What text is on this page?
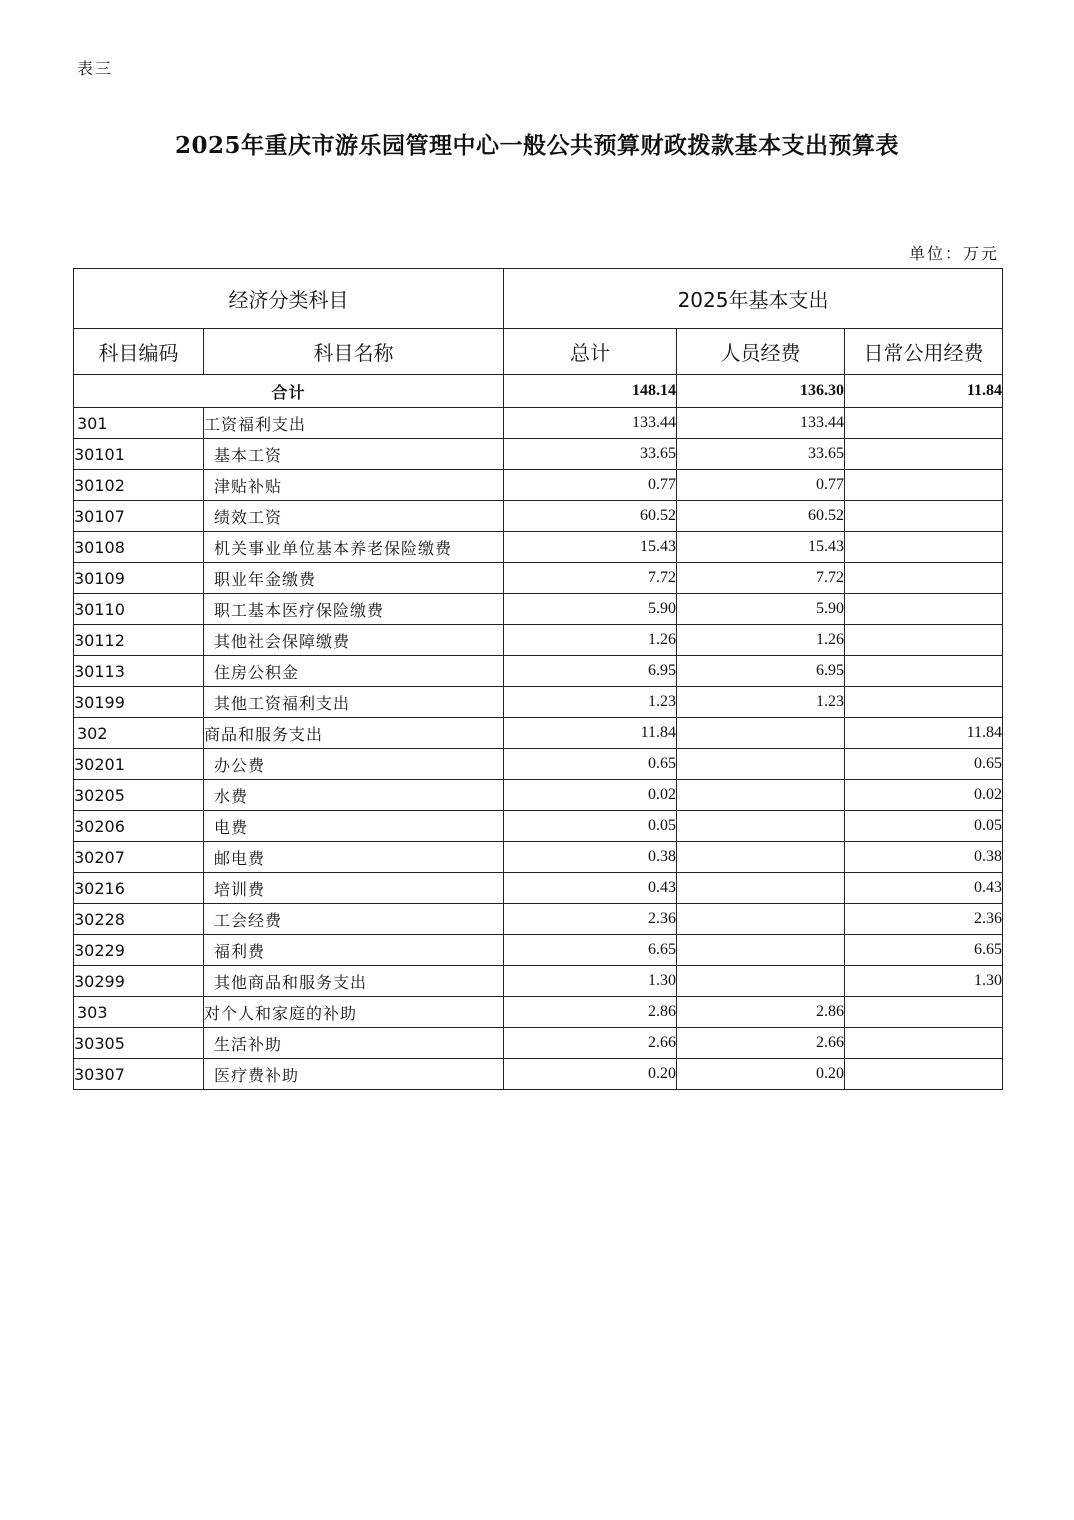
表三
2025年重庆市游乐园管理中心一般公共预算财政拨款基本支出预算表
单位：万元
经济分类科目		2025年基本支出		
科目编码	科目名称	总计	人员经费	日常公用经费
合计		148.14	136.30	11.84
301	工资福利支出	133.44	133.44	
30101	基本工资	33.65	33.65	
30102	津贴补贴	0.77	0.77	
30107	绩效工资	60.52	60.52	
30108	机关事业单位基本养老保险缴费	15.43	15.43	
30109	职业年金缴费	7.72	7.72	
30110	职工基本医疗保险缴费	5.90	5.90	
30112	其他社会保障缴费	1.26	1.26	
30113	住房公积金	6.95	6.95	
30199	其他工资福利支出	1.23	1.23	
302	商品和服务支出	11.84		11.84
30201	办公费	0.65		0.65
30205	水费	0.02		0.02
30206	电费	0.05		0.05
30207	邮电费	0.38		0.38
30216	培训费	0.43		0.43
30228	工会经费	2.36		2.36
30229	福利费	6.65		6.65
30299	其他商品和服务支出	1.30		1.30
303	对个人和家庭的补助	2.86	2.86	
30305	生活补助	2.66	2.66	
30307	医疗费补助	0.20	0.20	
